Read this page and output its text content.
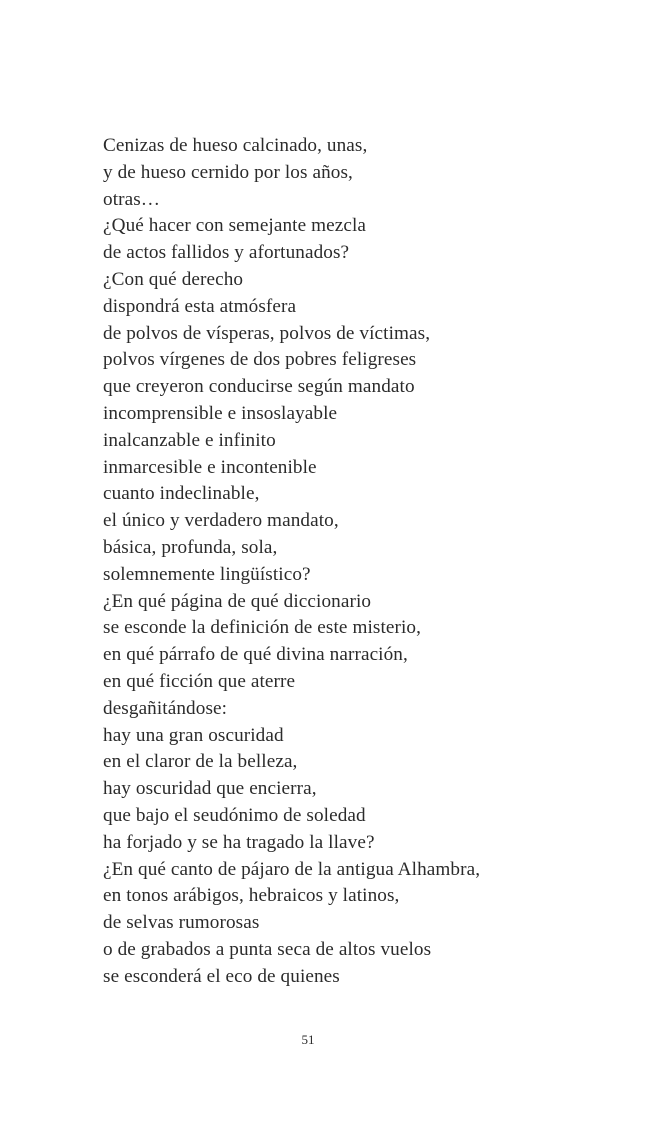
Cenizas de hueso calcinado, unas,
y de hueso cernido por los años,
otras…
¿Qué hacer con semejante mezcla
de actos fallidos y afortunados?
¿Con qué derecho
dispondrá esta atmósfera
de polvos de vísperas, polvos de víctimas,
polvos vírgenes de dos pobres feligreses
que creyeron conducirse según mandato
incomprensible e insoslayable
inalcanzable e infinito
inmarcesible e incontenible
cuanto indeclinable,
el único y verdadero mandato,
básica, profunda, sola,
solemnemente lingüístico?
¿En qué página de qué diccionario
se esconde la definición de este misterio,
en qué párrafo de qué divina narración,
en qué ficción que aterre
desgañitándose:
hay una gran oscuridad
en el claror de la belleza,
hay oscuridad que encierra,
que bajo el seudónimo de soledad
ha forjado y se ha tragado la llave?
¿En qué canto de pájaro de la antigua Alhambra,
en tonos arábigos, hebraicos y latinos,
de selvas rumorosas
o de grabados a punta seca de altos vuelos
se esconderá el eco de quienes
51
